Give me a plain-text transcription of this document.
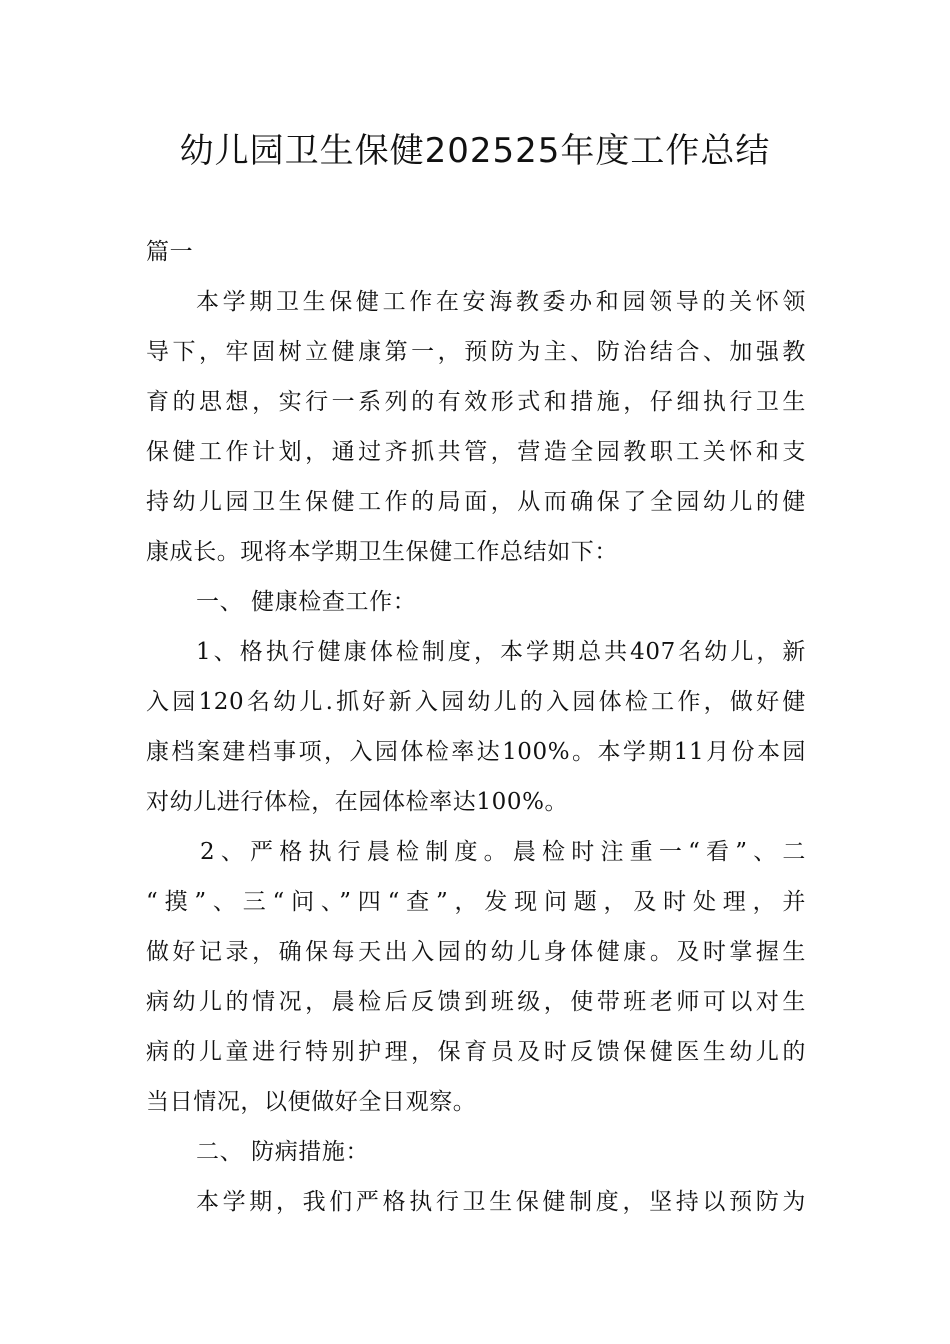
幼儿园卫生保健202525年度工作总结
篇一
本学期卫生保健工作在安海教委办和园领导的关怀领
导下，牢固树立健康第一，预防为主、防治结合、加强教
育的思想，实行一系列的有效形式和措施，仔细执行卫生
保健工作计划，通过齐抓共管，营造全园教职工关怀和支
持幼儿园卫生保健工作的局面，从而确保了全园幼儿的健
康成长。现将本学期卫生保健工作总结如下：
一、 健康检查工作：
1、格执行健康体检制度，本学期总共407名幼儿，新
入园120名幼儿.抓好新入园幼儿的入园体检工作，做好健
康档案建档事项，入园体检率达100%。本学期11月份本园
对幼儿进行体检，在园体检率达100%。
2、严格执行晨检制度。晨检时注重一“看”、二
“摸”、三“问、”四“查”，发现问题，及时处理，并
做好记录，确保每天出入园的幼儿身体健康。及时掌握生
病幼儿的情况，晨检后反馈到班级，使带班老师可以对生
病的儿童进行特别护理，保育员及时反馈保健医生幼儿的
当日情况，以便做好全日观察。
二、 防病措施：
本学期，我们严格执行卫生保健制度，坚持以预防为
